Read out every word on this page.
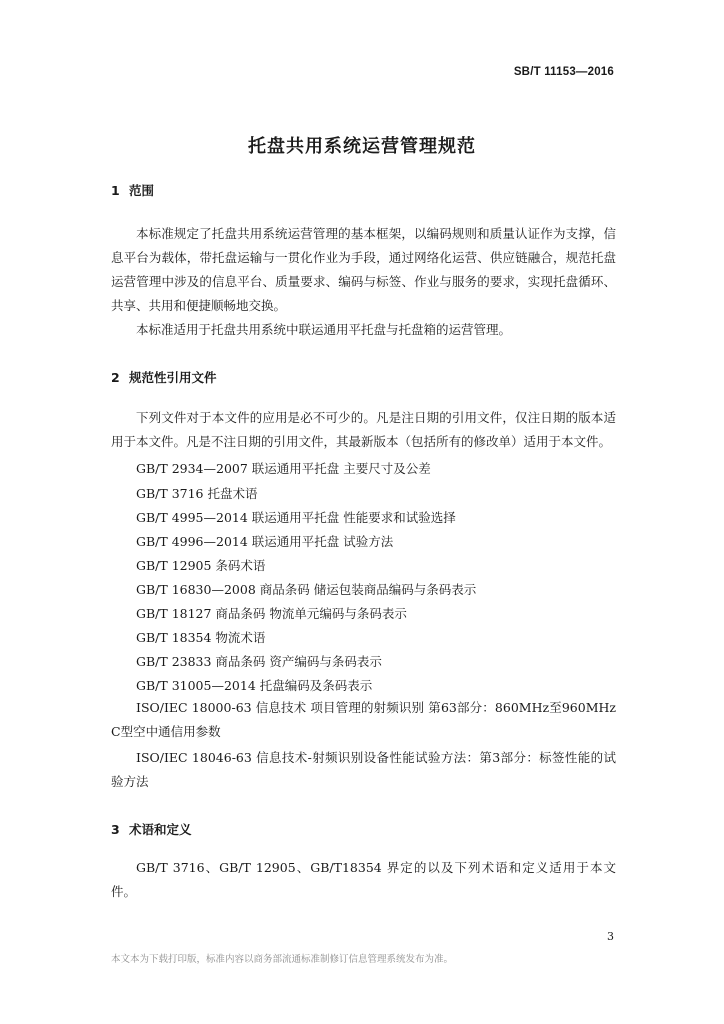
SB/T 11153—2016
托盘共用系统运营管理规范
1 范围

本标准规定了托盘共用系统运营管理的基本框架，以编码规则和质量认证作为支撑，信息平台为载体，带托盘运输与一贯化作业为手段，通过网络化运营、供应链融合，规范托盘运营管理中涉及的信息平台、质量要求、编码与标签、作业与服务的要求，实现托盘循环、共享、共用和便捷顺畅地交换。

本标准适用于托盘共用系统中联运通用平托盘与托盘箱的运营管理。

2 规范性引用文件

下列文件对于本文件的应用是必不可少的。凡是注日期的引用文件，仅注日期的版本适用于本文件。凡是不注日期的引用文件，其最新版本（包括所有的修改单）适用于本文件。

GB/T 2934—2007 联运通用平托盘 主要尺寸及公差
GB/T 3716 托盘术语
GB/T 4995—2014 联运通用平托盘 性能要求和试验选择
GB/T 4996—2014 联运通用平托盘 试验方法
GB/T 12905 条码术语
GB/T 16830—2008 商品条码 储运包装商品编码与条码表示
GB/T 18127 商品条码 物流单元编码与条码表示
GB/T 18354 物流术语
GB/T 23833 商品条码 资产编码与条码表示
GB/T 31005—2014 托盘编码及条码表示

ISO/IEC 18000-63 信息技术 项目管理的射频识别 第63部分：860MHz至960MHz C型空中通信用参数

ISO/IEC 18046-63 信息技术-射频识别设备性能试验方法：第3部分：标签性能的试验方法

3 术语和定义

GB/T 3716、GB/T 12905、GB/T18354 界定的以及下列术语和定义适用于本文件。

3
本文本为下载打印版，标准内容以商务部流通标准制修订信息管理系统发布为准。
